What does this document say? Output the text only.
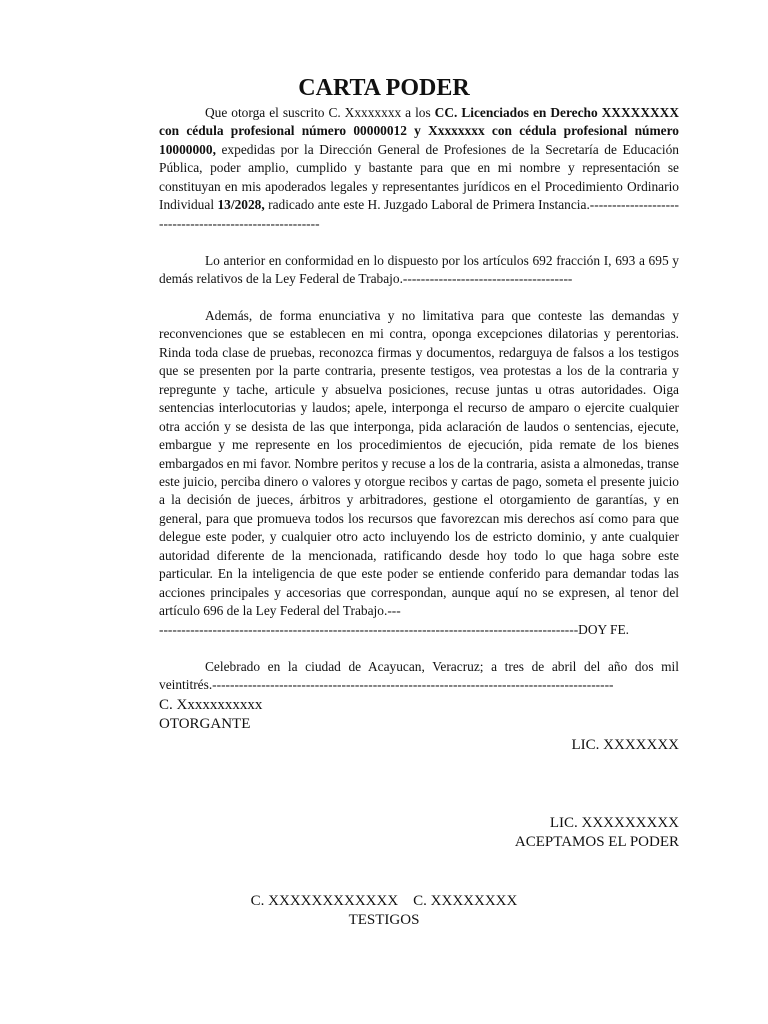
CARTA PODER

Que otorga el suscrito C. Xxxxxxxx a los CC. Licenciados en Derecho XXXXXXXX con cédula profesional número 00000012 y Xxxxxxxx con cédula profesional número 10000000, expedidas por la Dirección General de Profesiones de la Secretaría de Educación Pública, poder amplio, cumplido y bastante para que en mi nombre y representación se constituyan en mis apoderados legales y representantes jurídicos en el Procedimiento Ordinario Individual 13/2028, radicado ante este H. Juzgado Laboral de Primera Instancia.--------------------------------------------------------

Lo anterior en conformidad en lo dispuesto por los artículos 692 fracción I, 693 a 695 y demás relativos de la Ley Federal de Trabajo.--------------------------------------

Además, de forma enunciativa y no limitativa para que conteste las demandas y reconvenciones que se establecen en mi contra, oponga excepciones dilatorias y perentorias. Rinda toda clase de pruebas, reconozca firmas y documentos, redarguya de falsos a los testigos que se presenten por la parte contraria, presente testigos, vea protestas a los de la contraria y repregunte y tache, articule y absuelva posiciones, recuse juntas u otras autoridades. Oiga sentencias interlocutorias y laudos; apele, interponga el recurso de amparo o ejercite cualquier otra acción y se desista de las que interponga, pida aclaración de laudos o sentencias, ejecute, embargue y me represente en los procedimientos de ejecución, pida remate de los bienes embargados en mi favor. Nombre peritos y recuse a los de la contraria, asista a almonedas, transe este juicio, perciba dinero o valores y otorgue recibos y cartas de pago, someta el presente juicio a la decisión de jueces, árbitros y arbitradores, gestione el otorgamiento de garantías, y en general, para que promueva todos los recursos que favorezcan mis derechos así como para que delegue este poder, y cualquier otro acto incluyendo los de estricto dominio, y ante cualquier autoridad diferente de la mencionada, ratificando desde hoy todo lo que haga sobre este particular. En la inteligencia de que este poder se entiende conferido para demandar todas las acciones principales y accesorias que correspondan, aunque aquí no se expresen, al tenor del artículo 696 de la Ley Federal del Trabajo.---

----------------------------------------------------------------------------------------------DOY FE.

Celebrado en la ciudad de Acayucan, Veracruz; a tres de abril del año dos mil veintitrés.------------------------------------------------------------------------------------------

C. Xxxxxxxxxxx
OTORGANTE
LIC. XXXXXXX
LIC. XXXXXXXXX
ACEPTAMOS EL PODER
C. XXXXXXXXXXXX C. XXXXXXXX
TESTIGOS
